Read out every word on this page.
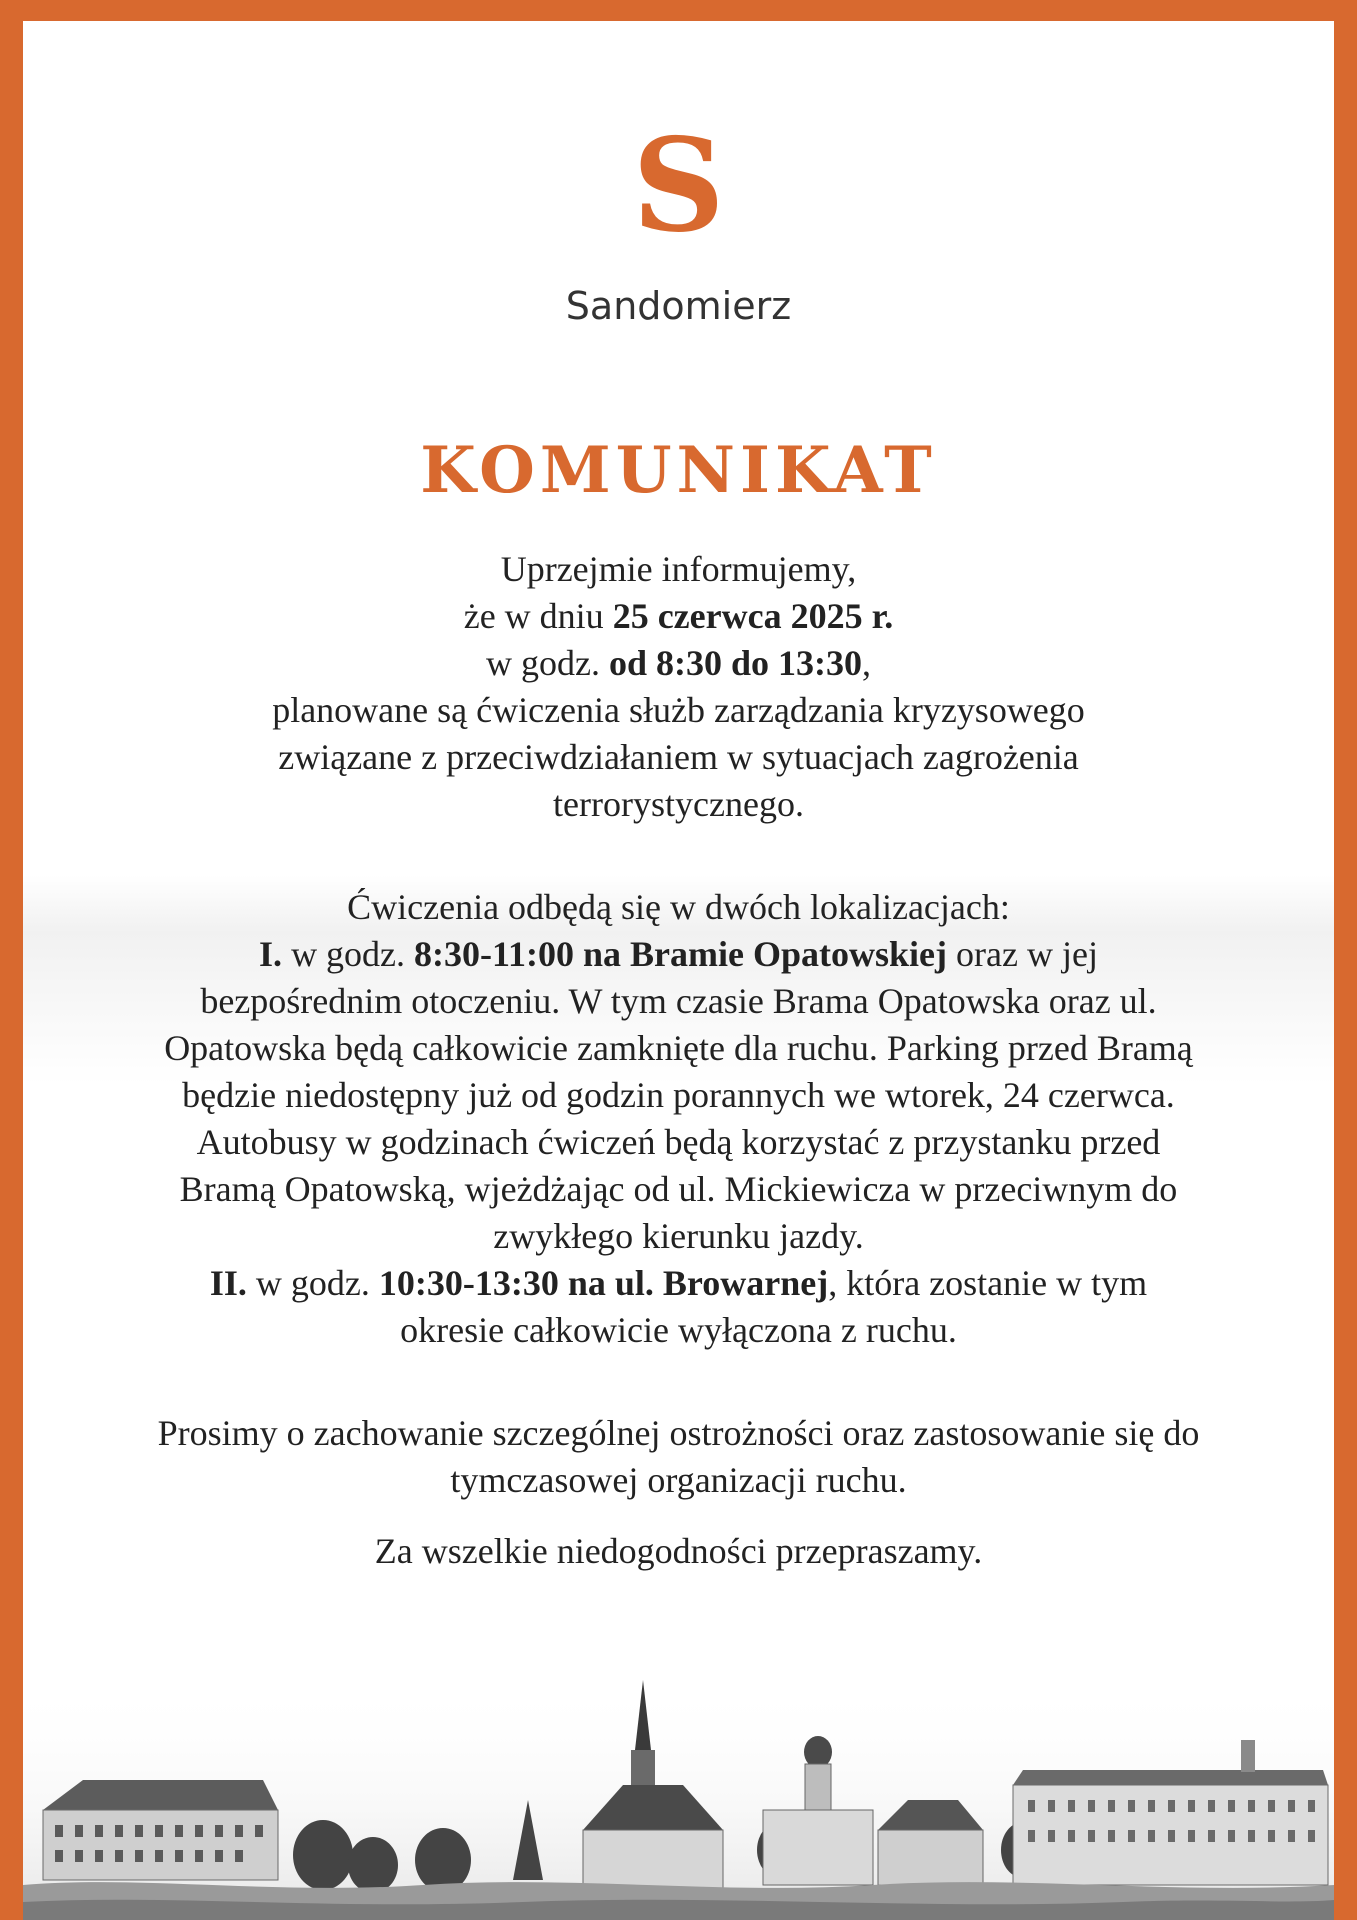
S
Sandomierz
KOMUNIKAT
Uprzejmie informujemy,
że w dniu 25 czerwca 2025 r.
w godz. od 8:30 do 13:30,
planowane są ćwiczenia służb zarządzania kryzysowego
związane z przeciwdziałaniem w sytuacjach zagrożenia
terrorystycznego.
Ćwiczenia odbędą się w dwóch lokalizacjach:
I. w godz. 8:30-11:00 na Bramie Opatowskiej oraz w jej
bezpośrednim otoczeniu. W tym czasie Brama Opatowska oraz ul.
Opatowska będą całkowicie zamknięte dla ruchu. Parking przed Bramą
będzie niedostępny już od godzin porannych we wtorek, 24 czerwca.
Autobusy w godzinach ćwiczeń będą korzystać z przystanku przed
Bramą Opatowską, wjeżdżając od ul. Mickiewicza w przeciwnym do
zwykłego kierunku jazdy.
II. w godz. 10:30-13:30 na ul. Browarnej, która zostanie w tym
okresie całkowicie wyłączona z ruchu.
Prosimy o zachowanie szczególnej ostrożności oraz zastosowanie się do
tymczasowej organizacji ruchu.
Za wszelkie niedogodności przepraszamy.
